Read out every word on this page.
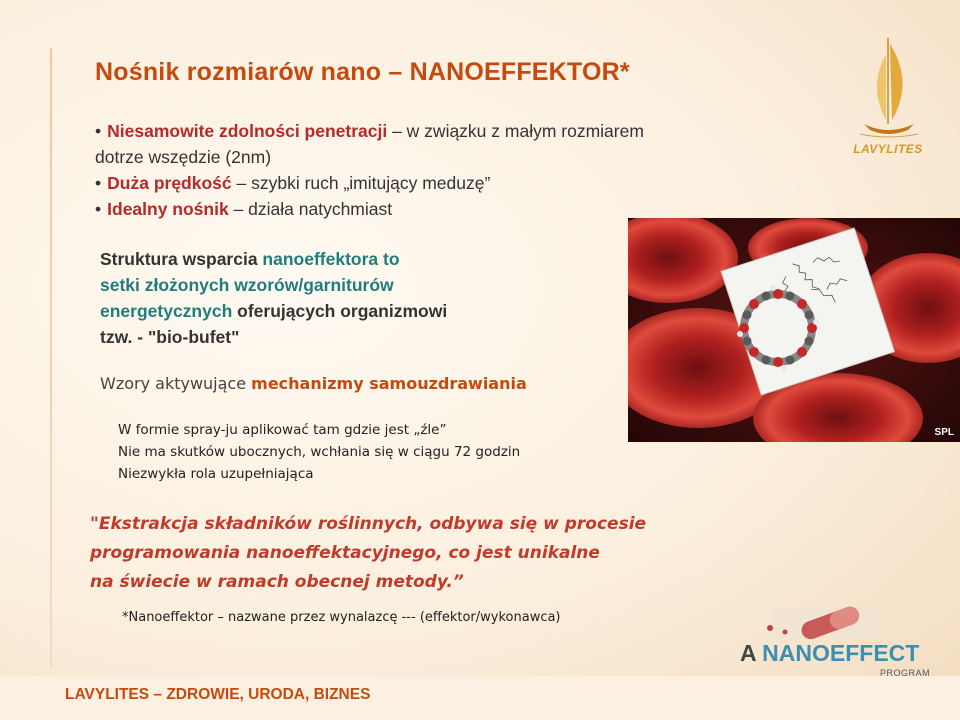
Nośnik rozmiarów nano – NANOEFFEKTOR*
• Niesamowite zdolności penetracji – w związku z małym rozmiarem
dotrze wszędzie (2nm)
• Duża prędkość – szybki ruch „imitujący meduzę”
• Idealny nośnik – działa natychmiast
Struktura wsparcia nanoeffektora to
setki złożonych wzorów/garniturów
energetycznych oferujących organizmowi
tzw. - "bio-bufet"
Wzory aktywujące mechanizmy samouzdrawiania
W formie spray-ju aplikować tam gdzie jest „źle”
Nie ma skutków ubocznych, wchłania się w ciągu 72 godzin
Niezwykła rola uzupełniająca
"Ekstrakcja składników roślinnych, odbywa się w procesie
programowania nanoeffektacyjnego, co jest unikalne
na świecie w ramach obecnej metody.”
*Nanoeffektor – nazwane przez wynalazcę --- (effektor/wykonawca)
LAVYLITES – ZDROWIE, URODA, BIZNES
SPL
LAVYLITES
A NANOEFFECT
PROGRAM
